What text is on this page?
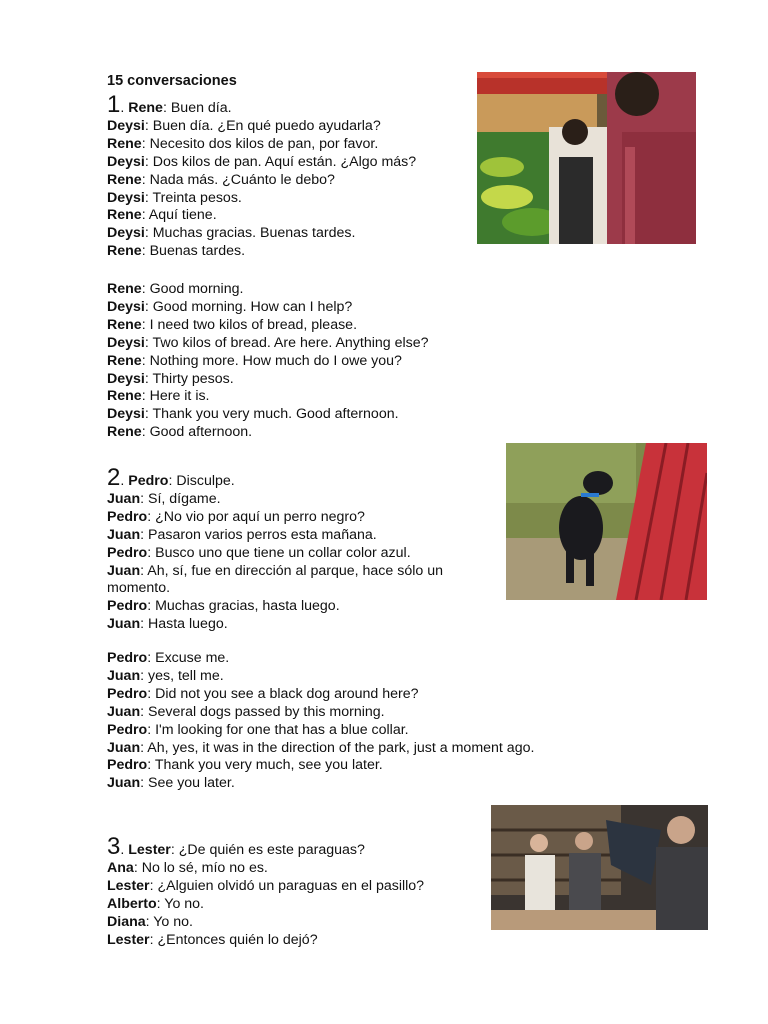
15 conversaciones
1. Rene: Buen día.
Deysi: Buen día. ¿En qué puedo ayudarla?
Rene: Necesito dos kilos de pan, por favor.
Deysi: Dos kilos de pan. Aquí están. ¿Algo más?
Rene: Nada más. ¿Cuánto le debo?
Deysi: Treinta pesos.
Rene: Aquí tiene.
Deysi: Muchas gracias. Buenas tardes.
Rene: Buenas tardes.
Rene: Good morning.
Deysi: Good morning. How can I help?
Rene: I need two kilos of bread, please.
Deysi: Two kilos of bread. Are here. Anything else?
Rene: Nothing more. How much do I owe you?
Deysi: Thirty pesos.
Rene: Here it is.
Deysi: Thank you very much. Good afternoon.
Rene: Good afternoon.
2. Pedro: Disculpe.
Juan: Sí, dígame.
Pedro: ¿No vio por aquí un perro negro?
Juan: Pasaron varios perros esta mañana.
Pedro: Busco uno que tiene un collar color azul.
Juan: Ah, sí, fue en dirección al parque, hace sólo un momento.
Pedro: Muchas gracias, hasta luego.
Juan: Hasta luego.
Pedro: Excuse me.
Juan: yes, tell me.
Pedro: Did not you see a black dog around here?
Juan: Several dogs passed by this morning.
Pedro: I'm looking for one that has a blue collar.
Juan: Ah, yes, it was in the direction of the park, just a moment ago.
Pedro: Thank you very much, see you later.
Juan: See you later.
3. Lester: ¿De quién es este paraguas?
Ana: No lo sé, mío no es.
Lester: ¿Alguien olvidó un paraguas en el pasillo?
Alberto: Yo no.
Diana: Yo no.
Lester: ¿Entonces quién lo dejó?
